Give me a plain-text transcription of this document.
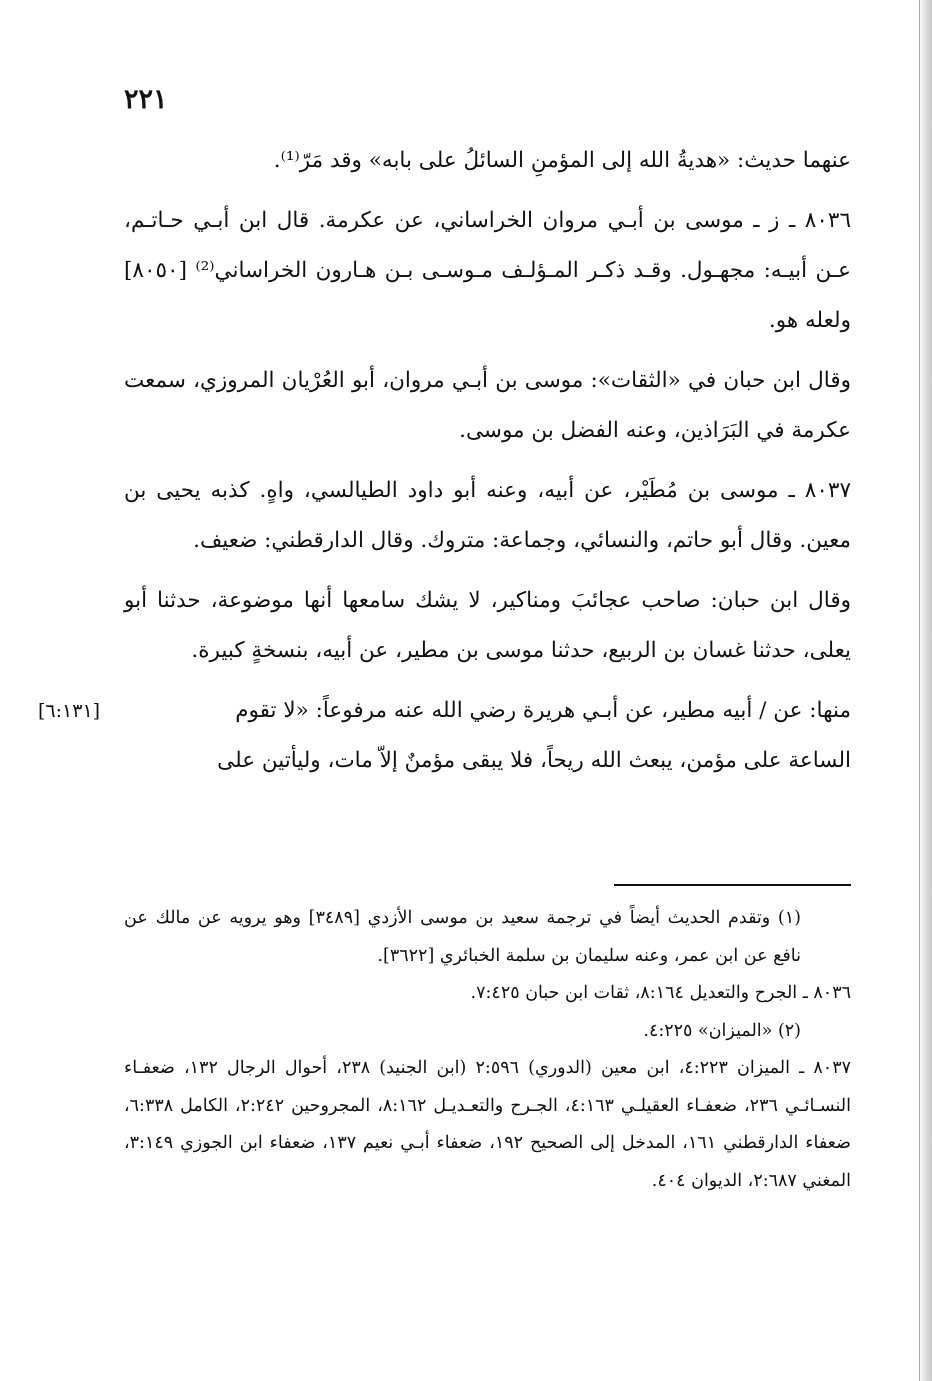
٢٢١

عنهما حديث: «هديةُ الله إلى المؤمنِ السائلُ على بابه» وقد مَرّ⁽¹⁾.

٨٠٣٦ ـ ز ـ موسى بن أبـي مروان الخراساني، عن عكرمة. قال ابن أبـي حـاتـم، عـن أبيـه: مجهـول. وقـد ذكـر المـؤلـف مـوسـى بـن هـارون الخراساني⁽²⁾ [٨٠٥٠] ولعله هو.

وقال ابن حبان في «الثقات»: موسى بن أبـي مروان، أبو العُرْيان المروزي، سمعت عكرمة في البَرَاذين، وعنه الفضل بن موسى.

٨٠٣٧ ـ موسى بن مُطَيْر، عن أبيه، وعنه أبو داود الطيالسي، واهٍ. كذبه يحيى بن معين. وقال أبو حاتم، والنسائي، وجماعة: متروك. وقال الدارقطني: ضعيف.

وقال ابن حبان: صاحب عجائبَ ومناكير، لا يشك سامعها أنها موضوعة، حدثنا أبو يعلى، حدثنا غسان بن الربيع، حدثنا موسى بن مطير، عن أبيه، بنسخةٍ كبيرة.

منها: عن / أبيه مطير، عن أبـي هريرة رضي الله عنه مرفوعاً: «لا تقوم
[٦:١٣١]
الساعة على مؤمن، يبعث الله ريحاً، فلا يبقى مؤمنٌ إلاّ مات، وليأتين على

(١) وتقدم الحديث أيضاً في ترجمة سعيد بن موسى الأزدي [٣٤٨٩] وهو يرويه عن مالك عن نافع عن ابن عمر، وعنه سليمان بن سلمة الخبائري [٣٦٢٢].

٨٠٣٦ ـ الجرح والتعديل ٨:١٦٤، ثقات ابن حبان ٧:٤٢٥.

(٢) «الميزان» ٤:٢٢٥.

٨٠٣٧ ـ الميزان ٤:٢٢٣، ابن معين (الدوري) ٢:٥٩٦ (ابن الجنيد) ٢٣٨، أحوال الرجال ١٣٢، ضعفـاء النسـائـي ٢٣٦، ضعفـاء العقيلـي ٤:١٦٣، الجـرح والتعـديـل ٨:١٦٢، المجروحين ٢:٢٤٢، الكامل ٦:٣٣٨، ضعفاء الدارقطني ١٦١، المدخل إلى الصحيح ١٩٢، ضعفاء أبـي نعيم ١٣٧، ضعفاء ابن الجوزي ٣:١٤٩، المغني ٢:٦٨٧، الديوان ٤٠٤.
